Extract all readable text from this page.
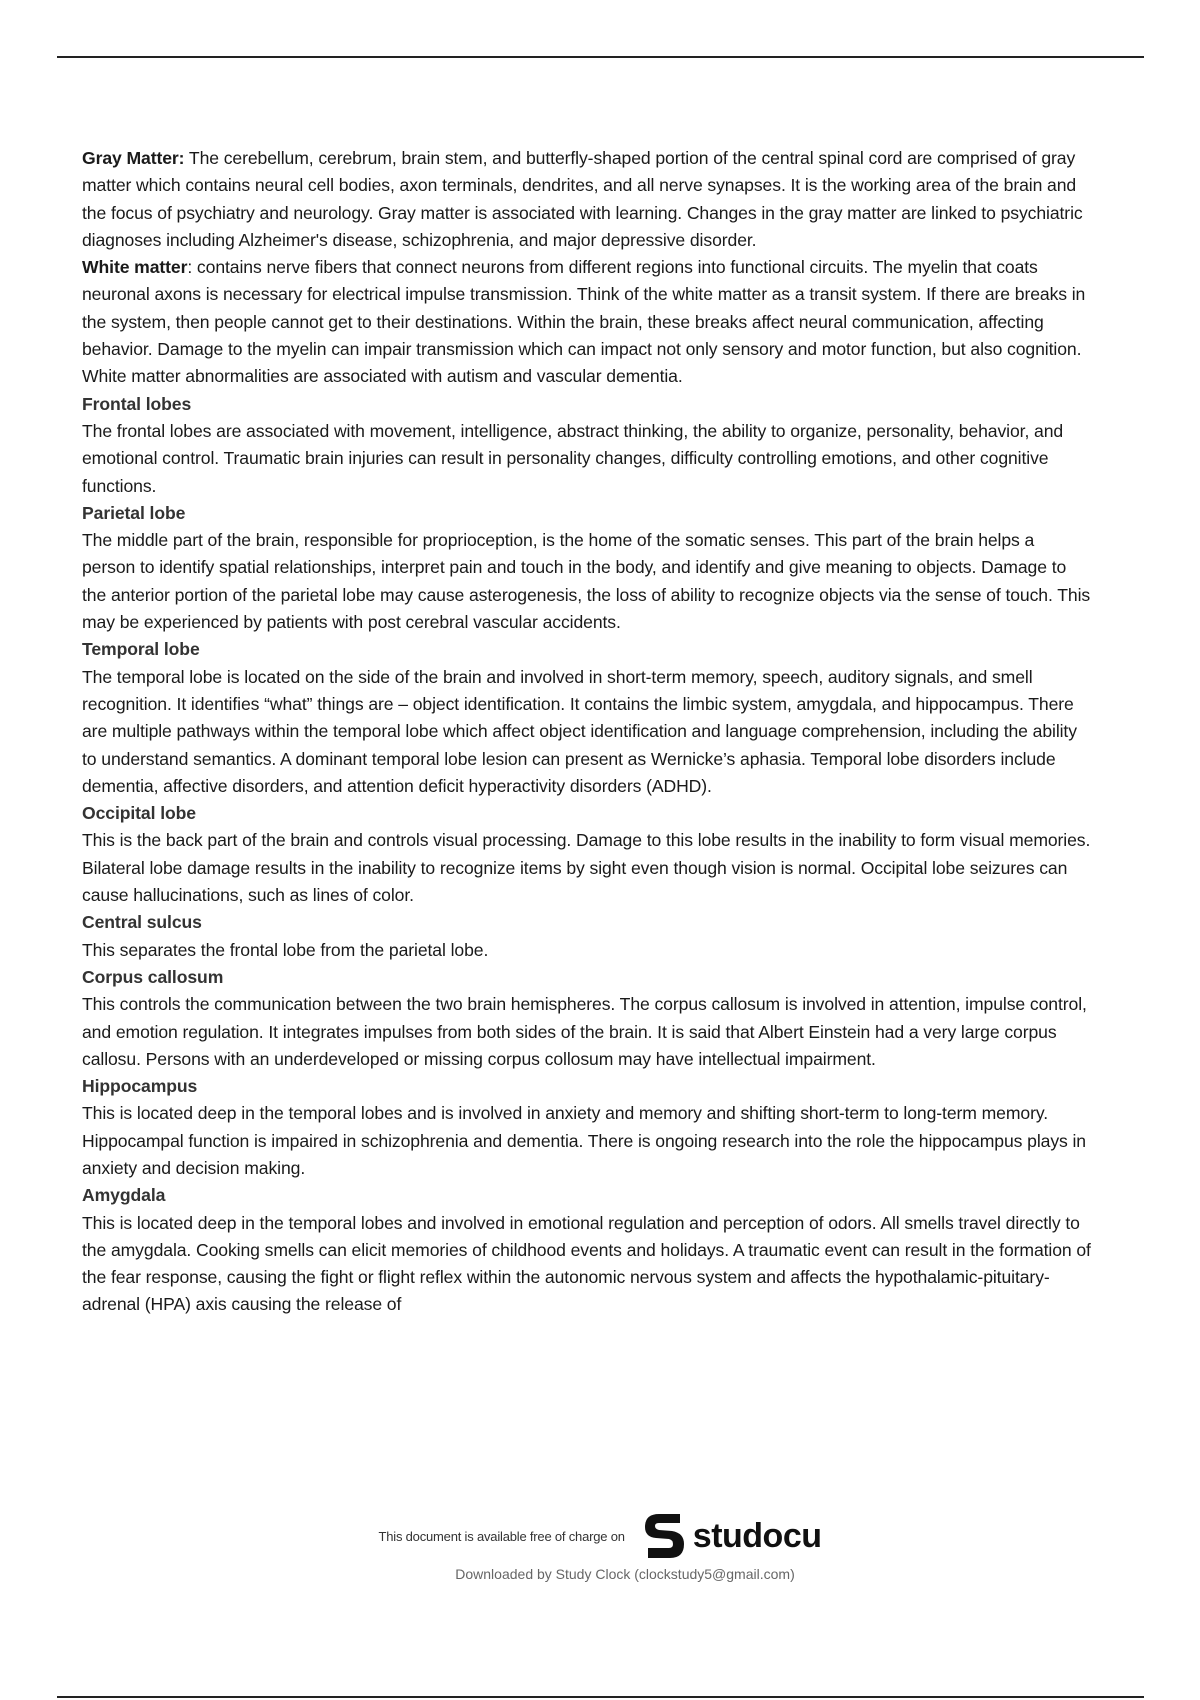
Gray Matter: The cerebellum, cerebrum, brain stem, and butterfly-shaped portion of the central spinal cord are comprised of gray matter which contains neural cell bodies, axon terminals, dendrites, and all nerve synapses. It is the working area of the brain and the focus of psychiatry and neurology. Gray matter is associated with learning. Changes in the gray matter are linked to psychiatric diagnoses including Alzheimer's disease, schizophrenia, and major depressive disorder.

White matter: contains nerve fibers that connect neurons from different regions into functional circuits. The myelin that coats neuronal axons is necessary for electrical impulse transmission. Think of the white matter as a transit system. If there are breaks in the system, then people cannot get to their destinations. Within the brain, these breaks affect neural communication, affecting behavior. Damage to the myelin can impair transmission which can impact not only sensory and motor function, but also cognition. White matter abnormalities are associated with autism and vascular dementia.

Frontal lobes

The frontal lobes are associated with movement, intelligence, abstract thinking, the ability to organize, personality, behavior, and emotional control. Traumatic brain injuries can result in personality changes, difficulty controlling emotions, and other cognitive functions.

Parietal lobe

The middle part of the brain, responsible for proprioception, is the home of the somatic senses. This part of the brain helps a person to identify spatial relationships, interpret pain and touch in the body, and identify and give meaning to objects. Damage to the anterior portion of the parietal lobe may cause asterogenesis, the loss of ability to recognize objects via the sense of touch. This may be experienced by patients with post cerebral vascular accidents.

Temporal lobe

The temporal lobe is located on the side of the brain and involved in short-term memory, speech, auditory signals, and smell recognition. It identifies “what” things are – object identification. It contains the limbic system, amygdala, and hippocampus. There are multiple pathways within the temporal lobe which affect object identification and language comprehension, including the ability to understand semantics. A dominant temporal lobe lesion can present as Wernicke’s aphasia. Temporal lobe disorders include dementia, affective disorders, and attention deficit hyperactivity disorders (ADHD).

Occipital lobe

This is the back part of the brain and controls visual processing. Damage to this lobe results in the inability to form visual memories. Bilateral lobe damage results in the inability to recognize items by sight even though vision is normal. Occipital lobe seizures can cause hallucinations, such as lines of color.

Central sulcus

This separates the frontal lobe from the parietal lobe.

Corpus callosum

This controls the communication between the two brain hemispheres. The corpus callosum is involved in attention, impulse control, and emotion regulation. It integrates impulses from both sides of the brain. It is said that Albert Einstein had a very large corpus callosu. Persons with an underdeveloped or missing corpus collosum may have intellectual impairment.

Hippocampus

This is located deep in the temporal lobes and is involved in anxiety and memory and shifting short-term to long-term memory. Hippocampal function is impaired in schizophrenia and dementia. There is ongoing research into the role the hippocampus plays in anxiety and decision making.

Amygdala

This is located deep in the temporal lobes and involved in emotional regulation and perception of odors. All smells travel directly to the amygdala. Cooking smells can elicit memories of childhood events and holidays. A traumatic event can result in the formation of the fear response, causing the fight or flight reflex within the autonomic nervous system and affects the hypothalamic-pituitary-adrenal (HPA) axis causing the release of

This document is available free of charge on studocu
Downloaded by Study Clock (clockstudy5@gmail.com)
